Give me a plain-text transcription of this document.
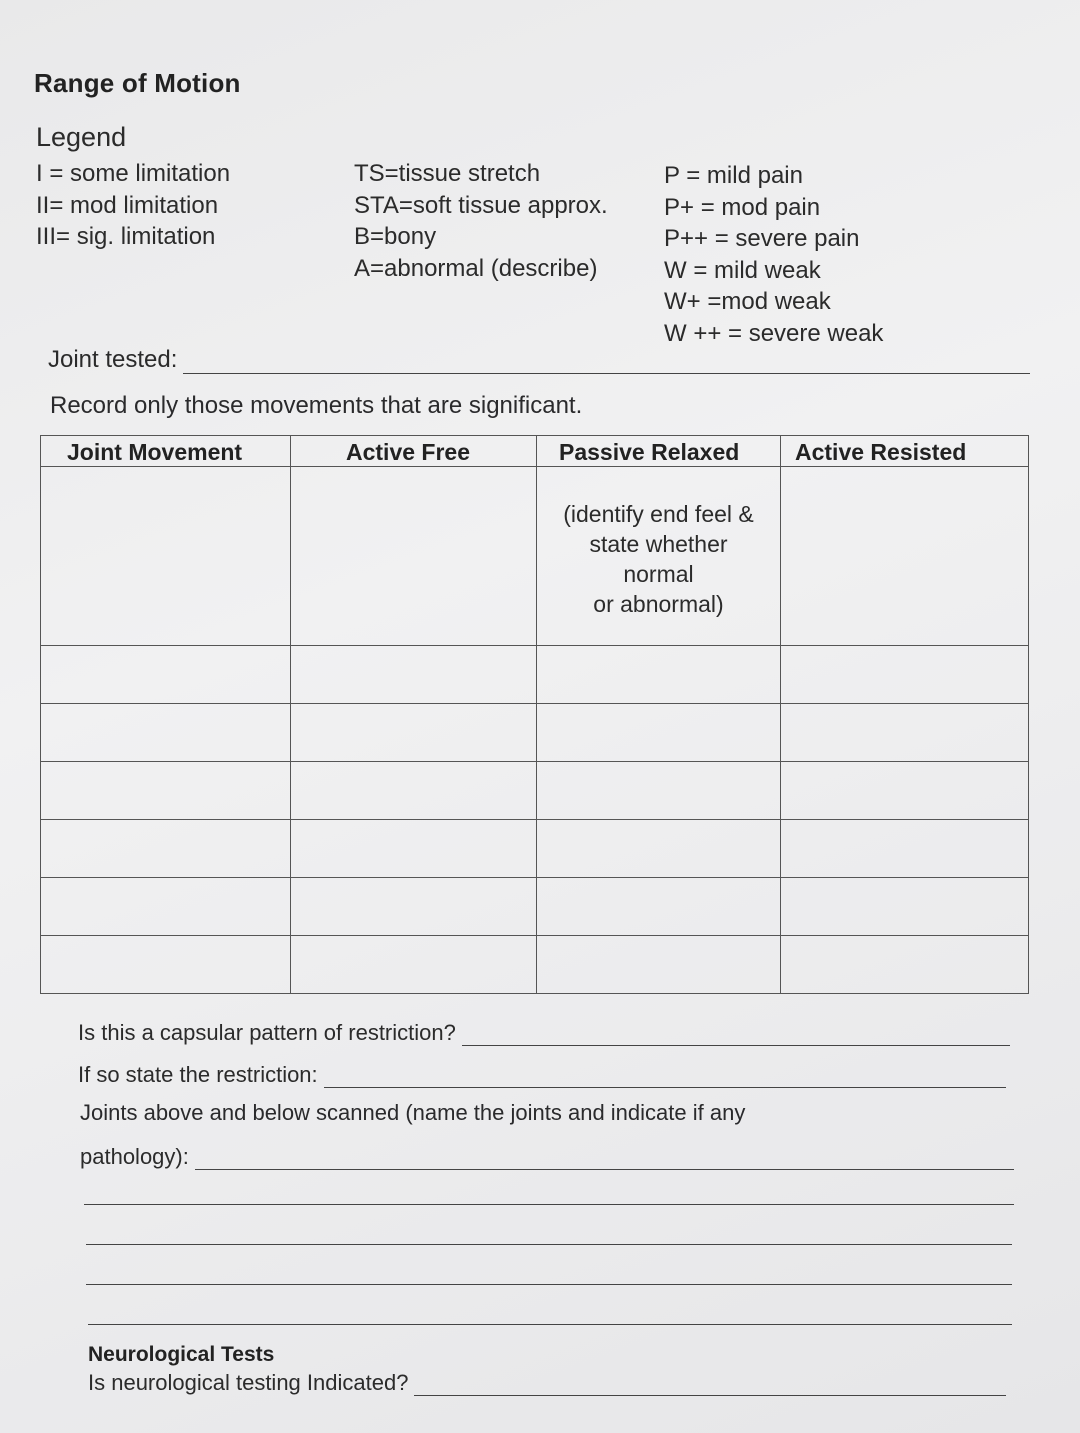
Range of Motion
Legend
I = some limitation
II= mod limitation
III= sig. limitation
TS=tissue stretch
STA=soft tissue approx.
B=bony
A=abnormal (describe)
P = mild pain
P+ = mod pain
P++ = severe pain
W = mild weak
W+ =mod weak
W ++ = severe weak
Joint tested:
Record only those movements that are significant.
Joint Movement	Active Free	Passive Relaxed	Active Resisted

		(identify end feel &
state whether
normal
or abnormal)	

Is this a capsular pattern of restriction?
If so state the restriction:
Joints above and below scanned (name the joints and indicate if any
pathology):
Neurological Tests
Is neurological testing Indicated?
